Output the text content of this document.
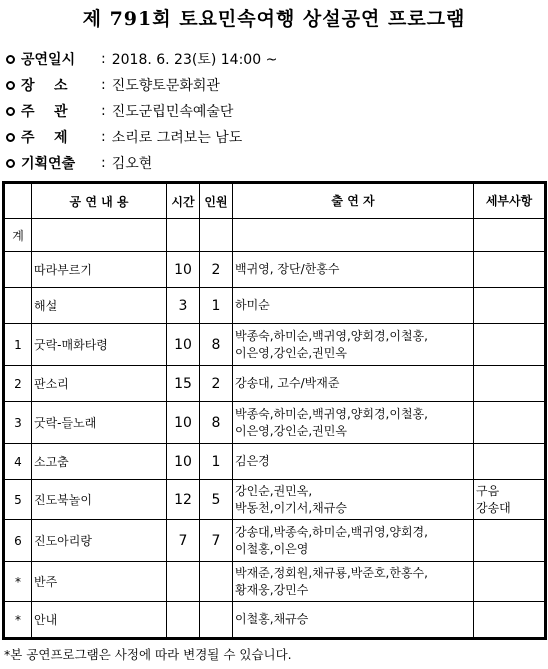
제 791회 토요민속여행 상설공연 프로그램
공연일시	: 2018. 6. 23(토) 14:00 ~
장    소	: 진도향토문화회관
주    관	: 진도군립민속예술단
주    제	: 소리로 그려보는 남도
기획연출	: 김오현
	공 연 내 용	시간	인원	출 연 자	세부사항
계					
	따라부르기	10	2	백귀영, 장단/한홍수	
	해설	3	1	하미순	
1	굿락-매화타령	10	8	박종숙,하미순,백귀영,양회경,이철홍,
이은영,강인순,권민옥	
2	판소리	15	2	강송대, 고수/박재준	
3	굿락-들노래	10	8	박종숙,하미순,백귀영,양회경,이철홍,
이은영,강인순,권민옥	
4	소고춤	10	1	김은경	
5	진도북놀이	12	5	강인순,권민옥,
박동천,이기서,채규승	구음
강송대
6	진도아리랑	7	7	강송대,박종숙,하미순,백귀영,양회경,
이철홍,이은영	
*	반주			박재준,정회원,채규룡,박준호,한홍수,
황재웅,강민수	
*	안내			이철홍,채규승	
*본 공연프로그램은 사정에 따라 변경될 수 있습니다.
